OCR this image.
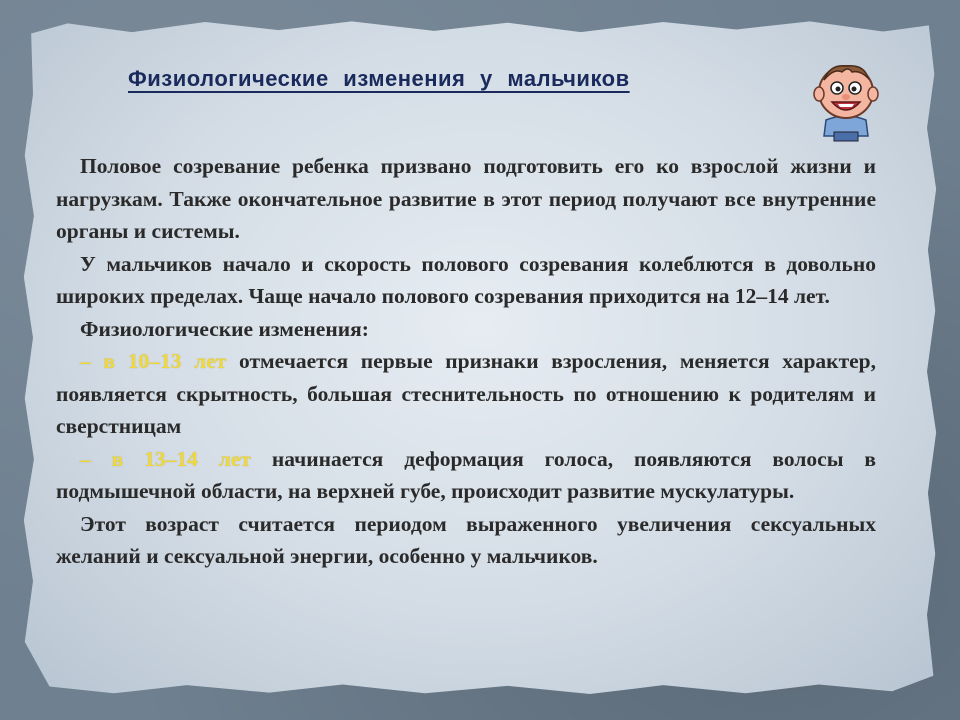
Физиологические изменения у мальчиков

Половое созревание ребенка призвано подготовить его ко взрослой жизни и нагрузкам. Также окончательное развитие в этот период получают все внутренние органы и системы.

У мальчиков начало и скорость полового созревания колеблются в довольно широких пределах. Чаще начало полового созревания приходится на 12–14 лет.

Физиологические изменения:

– в 10–13 лет отмечается первые признаки взросления, меняется характер, появляется скрытность, большая стеснительность по отношению к родителям и сверстницам

– в 13–14 лет начинается деформация голоса, появляются волосы в подмышечной области, на верхней губе, происходит развитие мускулатуры.

Этот возраст считается периодом выраженного увеличения сексуальных желаний и сексуальной энергии, особенно у мальчиков.
